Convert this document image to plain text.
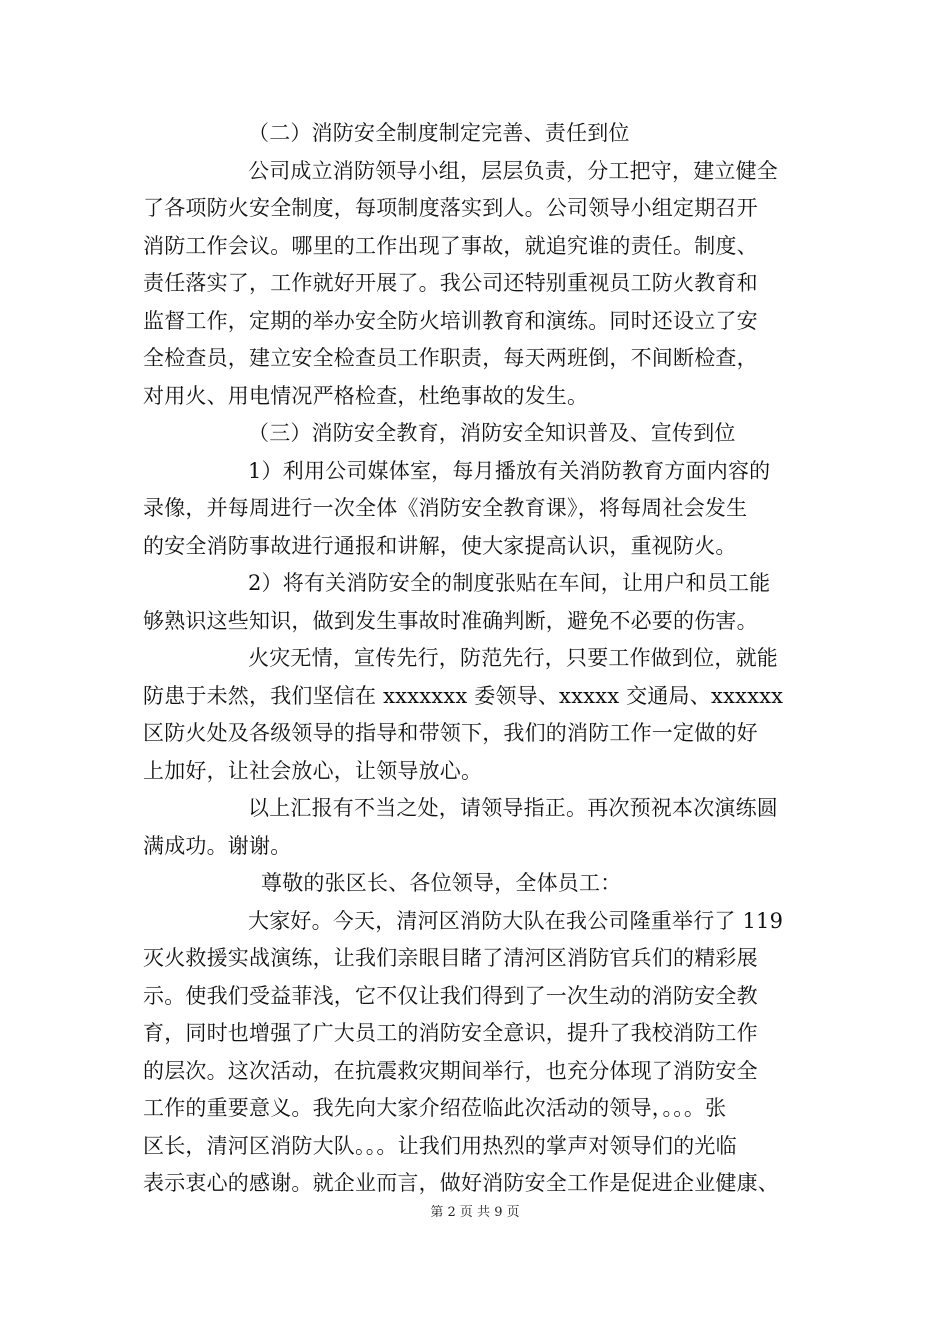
（二）消防安全制度制定完善、责任到位
公司成立消防领导小组，层层负责，分工把守，建立健全
了各项防火安全制度，每项制度落实到人。公司领导小组定期召开
消防工作会议。哪里的工作出现了事故，就追究谁的责任。制度、
责任落实了，工作就好开展了。我公司还特别重视员工防火教育和
监督工作，定期的举办安全防火培训教育和演练。同时还设立了安
全检查员，建立安全检查员工作职责，每天两班倒，不间断检查，
对用火、用电情况严格检查，杜绝事故的发生。
（三）消防安全教育，消防安全知识普及、宣传到位
1）利用公司媒体室，每月播放有关消防教育方面内容的
录像，并每周进行一次全体《消防安全教育课》，将每周社会发生
的安全消防事故进行通报和讲解，使大家提高认识，重视防火。
2）将有关消防安全的制度张贴在车间，让用户和员工能
够熟识这些知识，做到发生事故时准确判断，避免不必要的伤害。
火灾无情，宣传先行，防范先行，只要工作做到位，就能
防患于未然，我们坚信在 xxxxxxx 委领导、xxxxx 交通局、xxxxxx
区防火处及各级领导的指导和带领下，我们的消防工作一定做的好
上加好，让社会放心，让领导放心。
以上汇报有不当之处，请领导指正。再次预祝本次演练圆
满成功。谢谢。
尊敬的张区长、各位领导，全体员工：
大家好。今天，清河区消防大队在我公司隆重举行了 119
灭火救援实战演练，让我们亲眼目睹了清河区消防官兵们的精彩展
示。使我们受益菲浅，它不仅让我们得到了一次生动的消防安全教
育，同时也增强了广大员工的消防安全意识，提升了我校消防工作
的层次。这次活动，在抗震救灾期间举行，也充分体现了消防安全
工作的重要意义。我先向大家介绍莅临此次活动的领导，。。。张
区长，清河区消防大队。。。让我们用热烈的掌声对领导们的光临
表示衷心的感谢。就企业而言，做好消防安全工作是促进企业健康、
第 2 页 共 9 页
